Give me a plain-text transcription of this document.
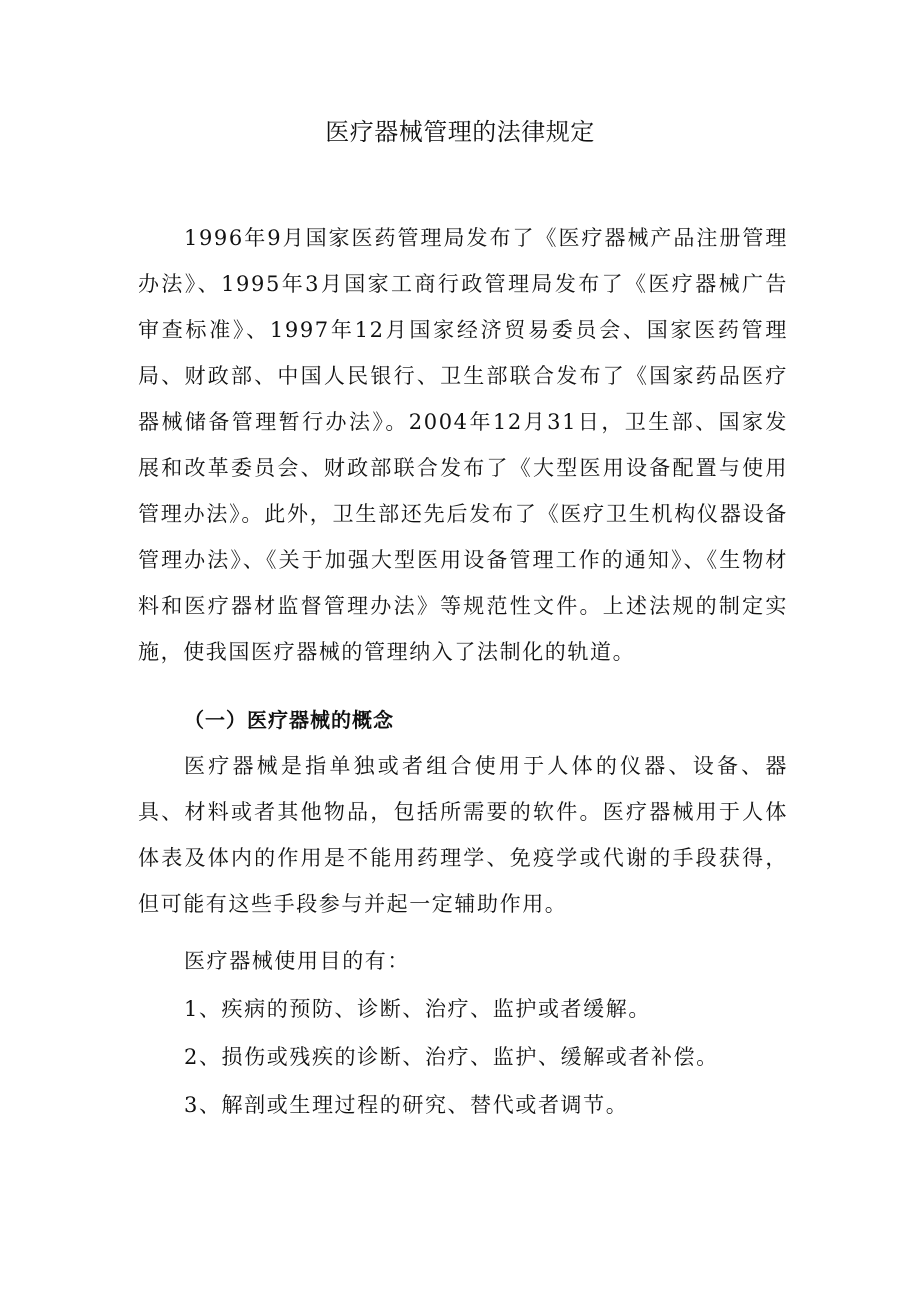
医疗器械管理的法律规定

1996年9月国家医药管理局发布了《医疗器械产品注册管理办法》、1995年3月国家工商行政管理局发布了《医疗器械广告审查标准》、1997年12月国家经济贸易委员会、国家医药管理局、财政部、中国人民银行、卫生部联合发布了《国家药品医疗器械储备管理暂行办法》。2004年12月31日，卫生部、国家发展和改革委员会、财政部联合发布了《大型医用设备配置与使用管理办法》。此外，卫生部还先后发布了《医疗卫生机构仪器设备管理办法》、《关于加强大型医用设备管理工作的通知》、《生物材料和医疗器材监督管理办法》等规范性文件。上述法规的制定实施，使我国医疗器械的管理纳入了法制化的轨道。

（一）医疗器械的概念

医疗器械是指单独或者组合使用于人体的仪器、设备、器具、材料或者其他物品，包括所需要的软件。医疗器械用于人体体表及体内的作用是不能用药理学、免疫学或代谢的手段获得，但可能有这些手段参与并起一定辅助作用。

医疗器械使用目的有：

1、疾病的预防、诊断、治疗、监护或者缓解。

2、损伤或残疾的诊断、治疗、监护、缓解或者补偿。

3、解剖或生理过程的研究、替代或者调节。
